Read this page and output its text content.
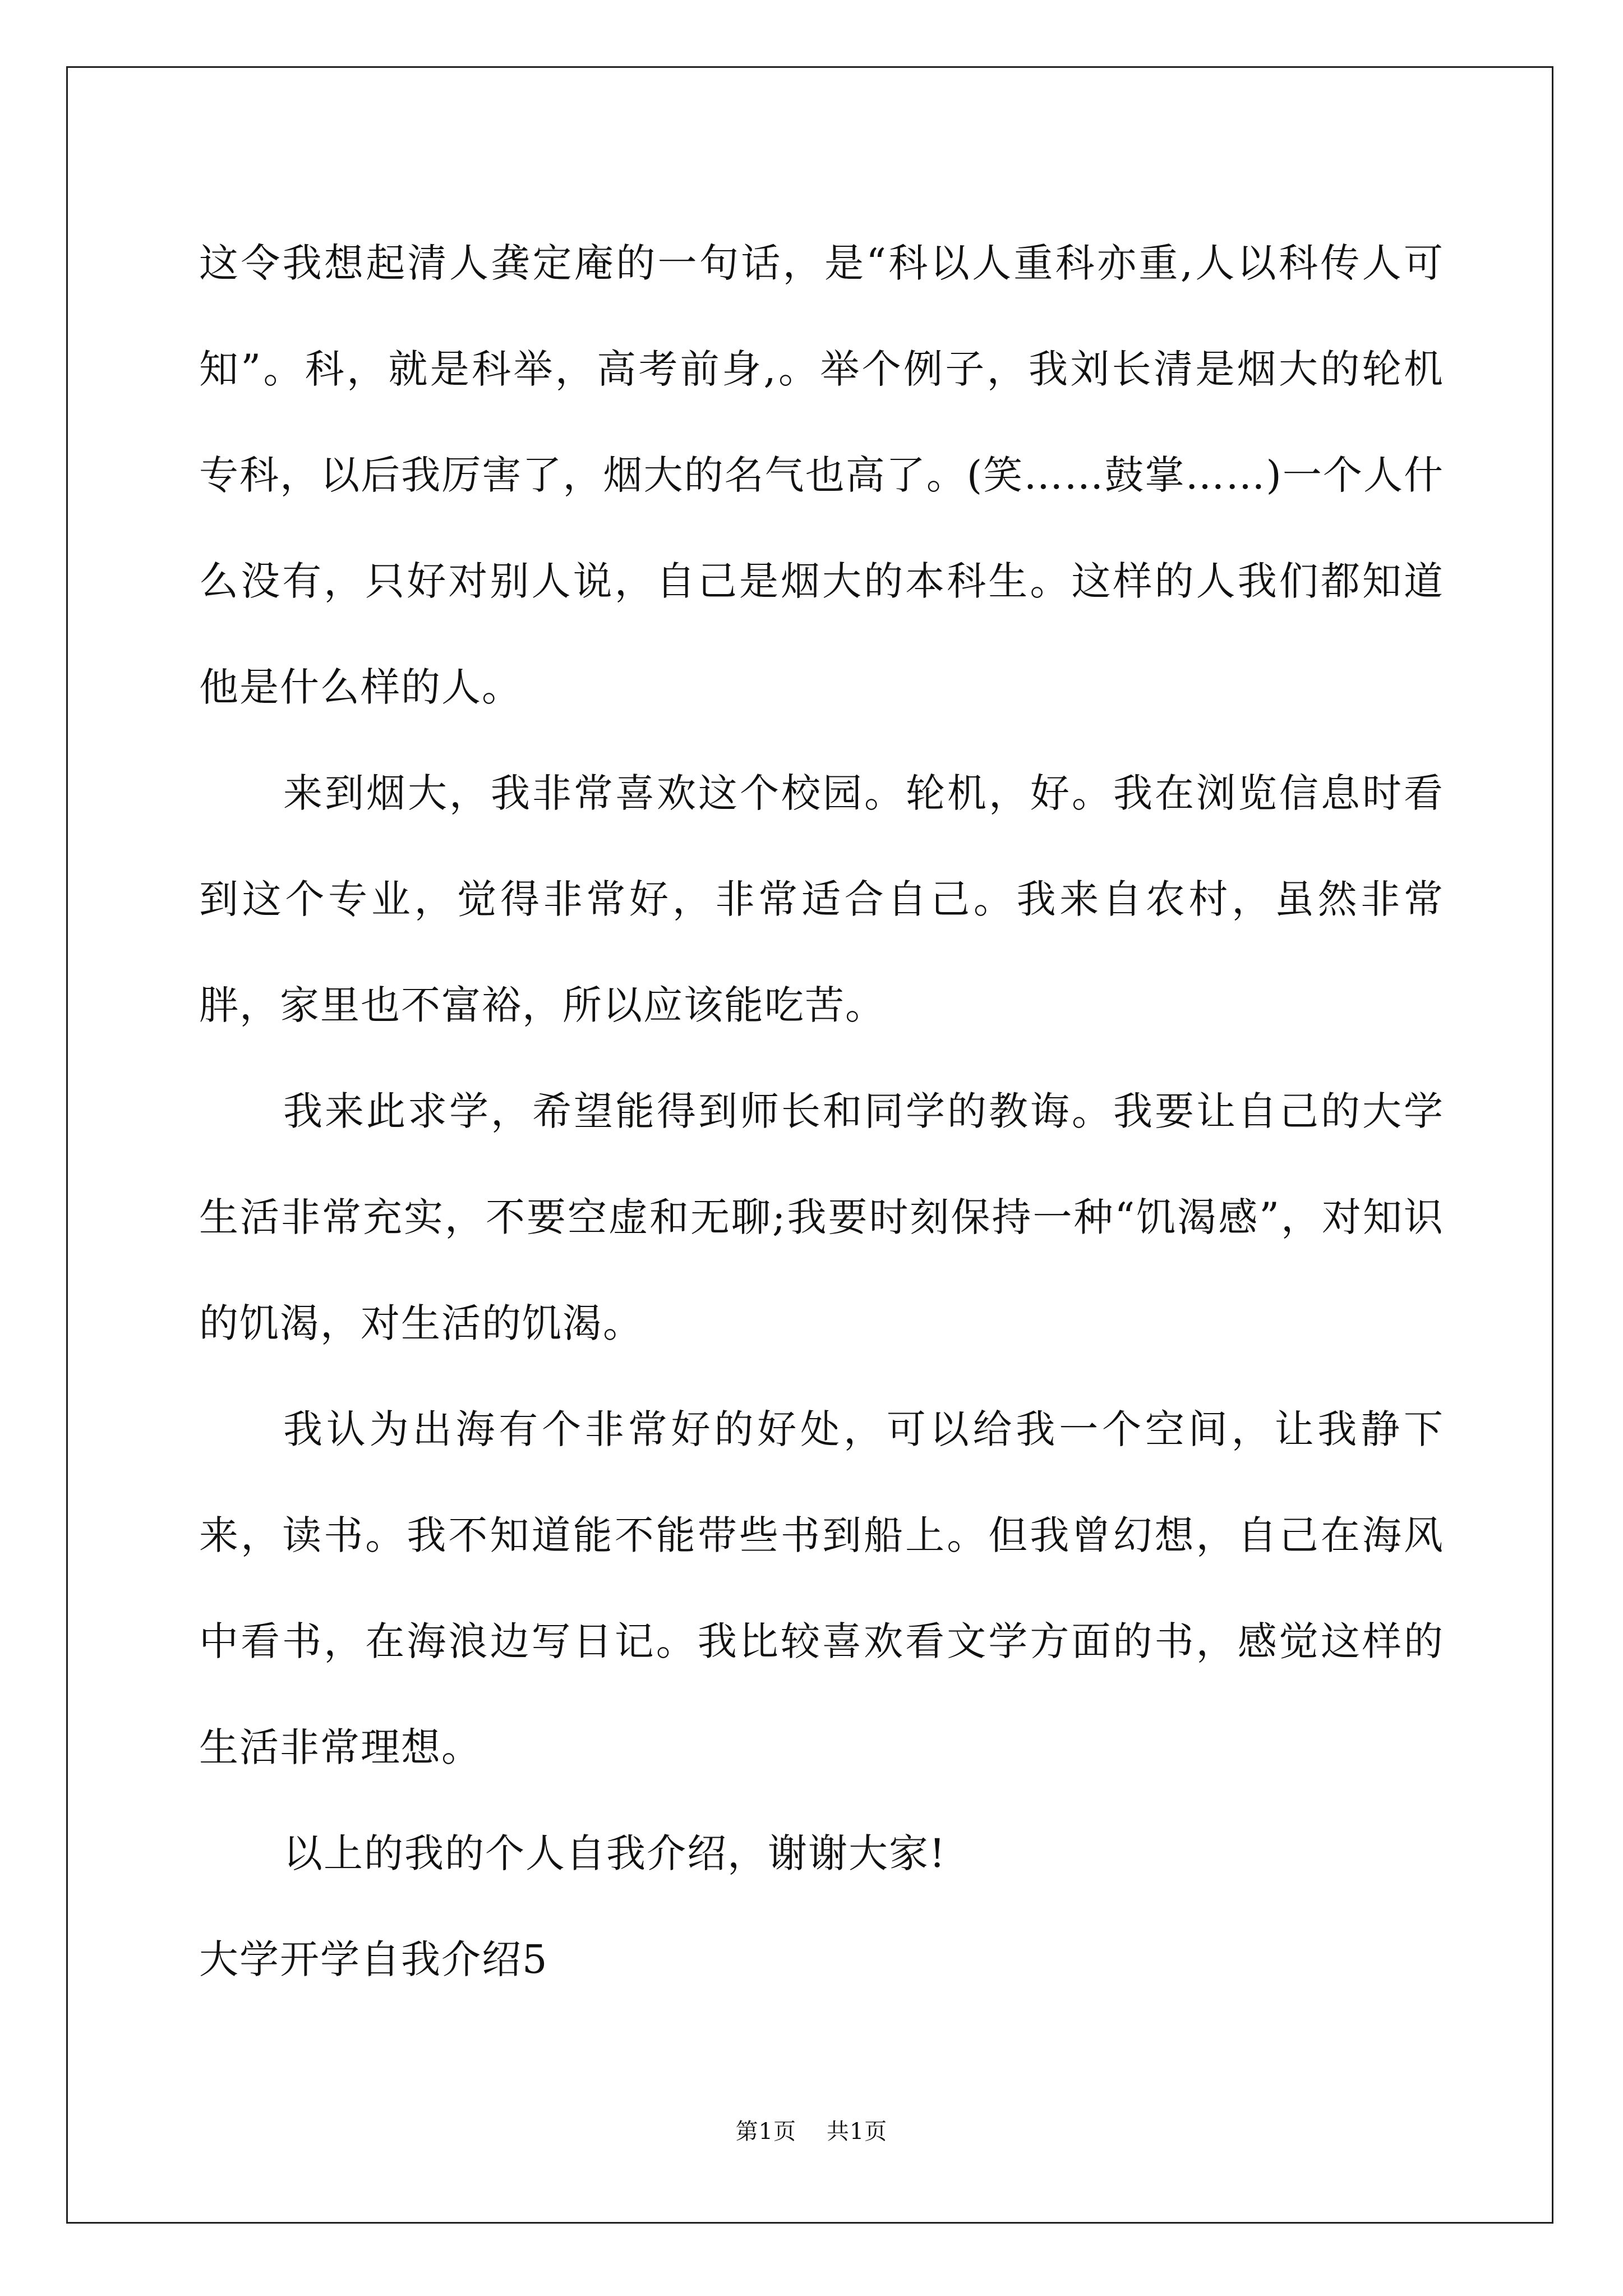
这令我想起清人龚定庵的一句话，是“科以人重科亦重,人以科传人可知”。科，就是科举，高考前身,。举个例子，我刘长清是烟大的轮机专科，以后我厉害了，烟大的名气也高了。(笑……鼓掌……)一个人什么没有，只好对别人说，自己是烟大的本科生。这样的人我们都知道他是什么样的人。

来到烟大，我非常喜欢这个校园。轮机，好。我在浏览信息时看到这个专业，觉得非常好，非常适合自己。我来自农村，虽然非常胖，家里也不富裕，所以应该能吃苦。

我来此求学，希望能得到师长和同学的教诲。我要让自己的大学生活非常充实，不要空虚和无聊;我要时刻保持一种“饥渴感”，对知识的饥渴，对生活的饥渴。

我认为出海有个非常好的好处，可以给我一个空间，让我静下来，读书。我不知道能不能带些书到船上。但我曾幻想，自己在海风中看书，在海浪边写日记。我比较喜欢看文学方面的书，感觉这样的生活非常理想。

以上的我的个人自我介绍，谢谢大家!

大学开学自我介绍5

第1页 共1页
